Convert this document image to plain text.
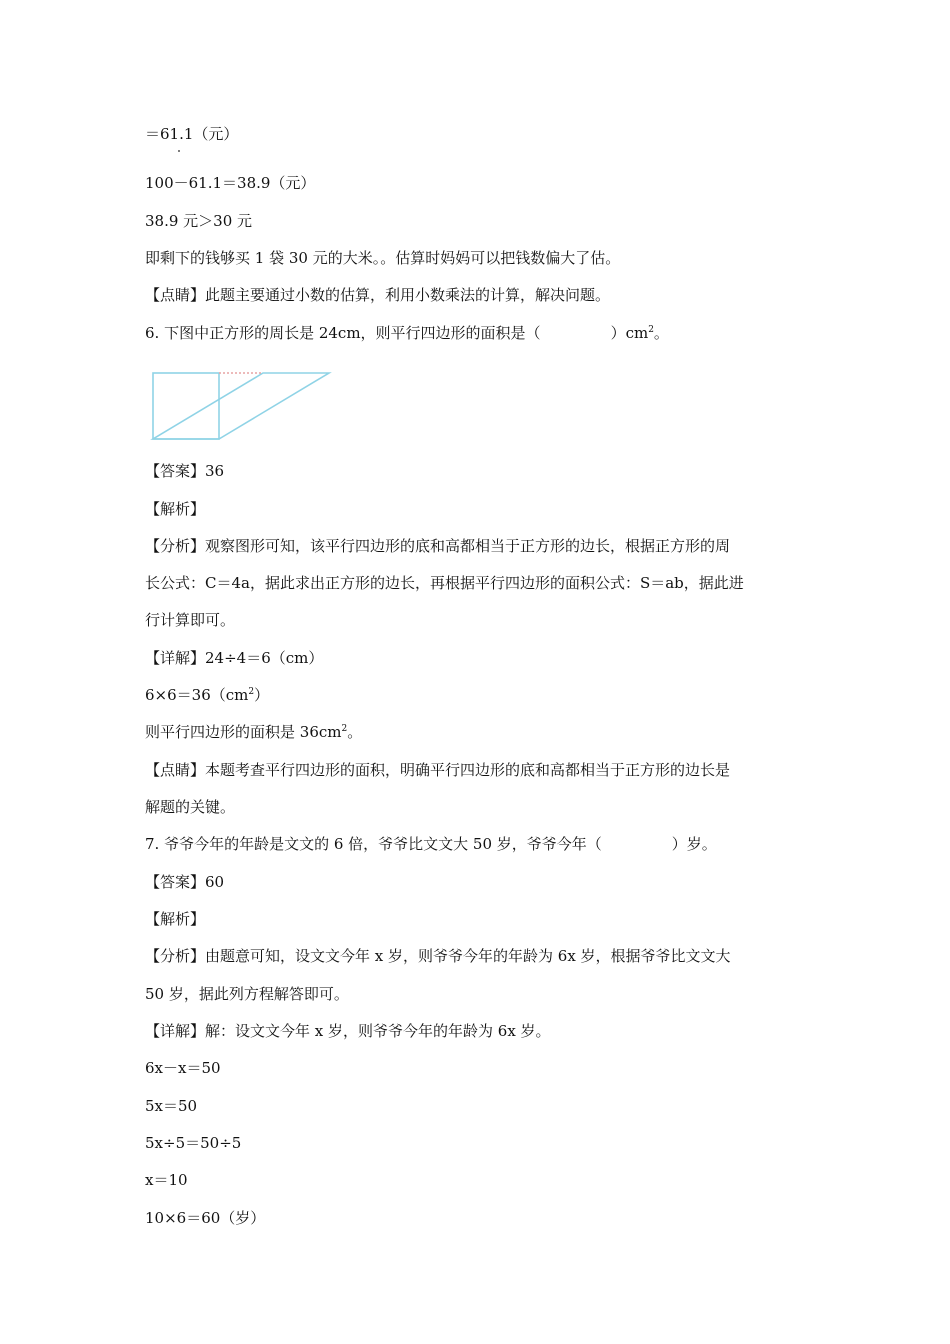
＝61.1（元）

100－61.1＝38.9（元）

38.9 元＞30 元

即剩下的钱够买 1 袋 30 元的大米。。估算时妈妈可以把钱数偏大了估。

【点睛】此题主要通过小数的估算，利用小数乘法的计算，解决问题。

6. 下图中正方形的周长是 24cm，则平行四边形的面积是（	）$cm^2$。

【答案】36

【解析】

【分析】观察图形可知，该平行四边形的底和高都相当于正方形的边长，根据正方形的周

长公式：C＝4a，据此求出正方形的边长，再根据平行四边形的面积公式：S＝ab，据此进

行计算即可。

【详解】24÷4＝6（cm）

$6\times 6=36(cm^2)$

则平行四边形的面积是 $36cm^2$。

【点睛】本题考查平行四边形的面积，明确平行四边形的底和高都相当于正方形的边长是

解题的关键。

7. 爷爷今年的年龄是文文的 6 倍，爷爷比文文大 50 岁，爷爷今年（	）岁。

【答案】60

【解析】

【分析】由题意可知，设文文今年 x 岁，则爷爷今年的年龄为 6x 岁，根据爷爷比文文大

50 岁，据此列方程解答即可。

【详解】解：设文文今年 x 岁，则爷爷今年的年龄为 6x 岁。

6x－x＝50

5x＝50

5x÷5＝50÷5

x＝10

10×6＝60（岁）
